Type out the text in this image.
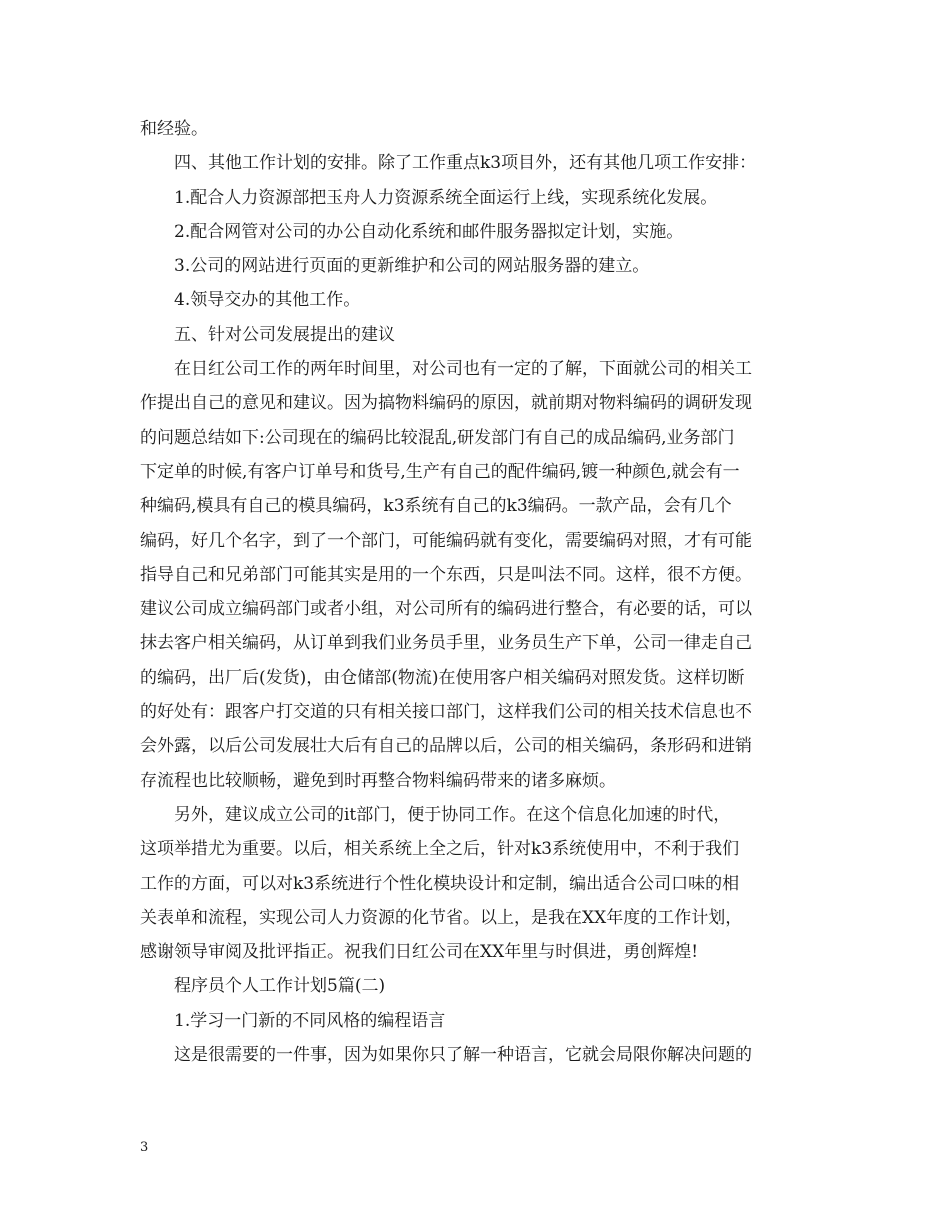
和经验。
四、其他工作计划的安排。除了工作重点k3项目外，还有其他几项工作安排：
1.配合人力资源部把玉舟人力资源系统全面运行上线，实现系统化发展。
2.配合网管对公司的办公自动化系统和邮件服务器拟定计划，实施。
3.公司的网站进行页面的更新维护和公司的网站服务器的建立。
4.领导交办的其他工作。
五、针对公司发展提出的建议
在日红公司工作的两年时间里，对公司也有一定的了解，下面就公司的相关工
作提出自己的意见和建议。因为搞物料编码的原因，就前期对物料编码的调研发现
的问题总结如下:公司现在的编码比较混乱,研发部门有自己的成品编码,业务部门
下定单的时候,有客户订单号和货号,生产有自己的配件编码,镀一种颜色,就会有一
种编码,模具有自己的模具编码，k3系统有自己的k3编码。一款产品，会有几个
编码，好几个名字，到了一个部门，可能编码就有变化，需要编码对照，才有可能
指导自己和兄弟部门可能其实是用的一个东西，只是叫法不同。这样，很不方便。
建议公司成立编码部门或者小组，对公司所有的编码进行整合，有必要的话，可以
抹去客户相关编码，从订单到我们业务员手里，业务员生产下单，公司一律走自己
的编码，出厂后(发货)，由仓储部(物流)在使用客户相关编码对照发货。这样切断
的好处有：跟客户打交道的只有相关接口部门，这样我们公司的相关技术信息也不
会外露，以后公司发展壮大后有自己的品牌以后，公司的相关编码，条形码和进销
存流程也比较顺畅，避免到时再整合物料编码带来的诸多麻烦。
另外，建议成立公司的it部门，便于协同工作。在这个信息化加速的时代，
这项举措尤为重要。以后，相关系统上全之后，针对k3系统使用中，不利于我们
工作的方面，可以对k3系统进行个性化模块设计和定制，编出适合公司口味的相
关表单和流程，实现公司人力资源的化节省。以上，是我在XX年度的工作计划，
感谢领导审阅及批评指正。祝我们日红公司在XX年里与时俱进，勇创辉煌!
程序员个人工作计划5篇(二)
1.学习一门新的不同风格的编程语言
这是很需要的一件事，因为如果你只了解一种语言，它就会局限你解决问题的
3
